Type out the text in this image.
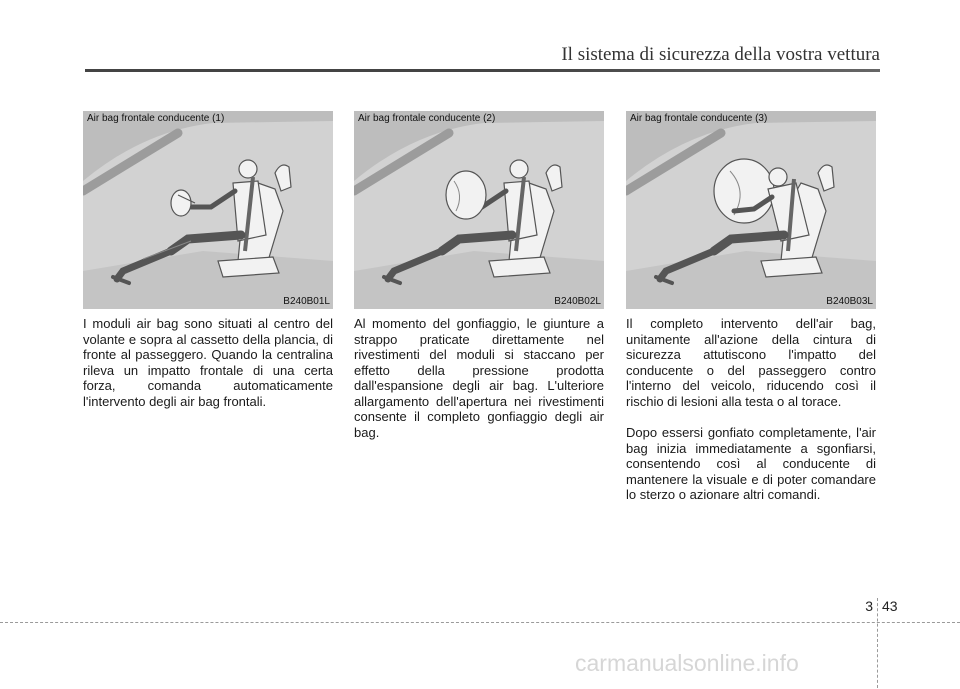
Il sistema di sicurezza della vostra vettura
Air bag frontale conducente (1)
B240B01L
Air bag frontale conducente (2)
B240B02L
Air bag frontale conducente (3)
B240B03L

I moduli air bag sono situati al centro del volante e sopra al cassetto della plancia, di fronte al passeggero. Quando la centralina rileva un impatto frontale di una certa forza, comanda automaticamente l'intervento degli air bag frontali.

Al momento del gonfiaggio, le giunture a strappo praticate direttamente nel rivestimenti del moduli si staccano per effetto della pressione prodotta dall'espansione degli air bag. L'ulteriore allargamento dell'apertura nei rivestimenti consente il completo gonfiaggio degli air bag.

Il completo intervento dell'air bag, unitamente all'azione della cintura di sicurezza attutiscono l'impatto del conducente o del passeggero contro l'interno del veicolo, riducendo così il rischio di lesioni alla testa o al torace.

Dopo essersi gonfiato completamente, l'air bag inizia immediatamente a sgonfiarsi, consentendo così al conducente di mantenere la visuale e di poter comandare lo sterzo o azionare altri comandi.

3 43
carmanualsonline.info
